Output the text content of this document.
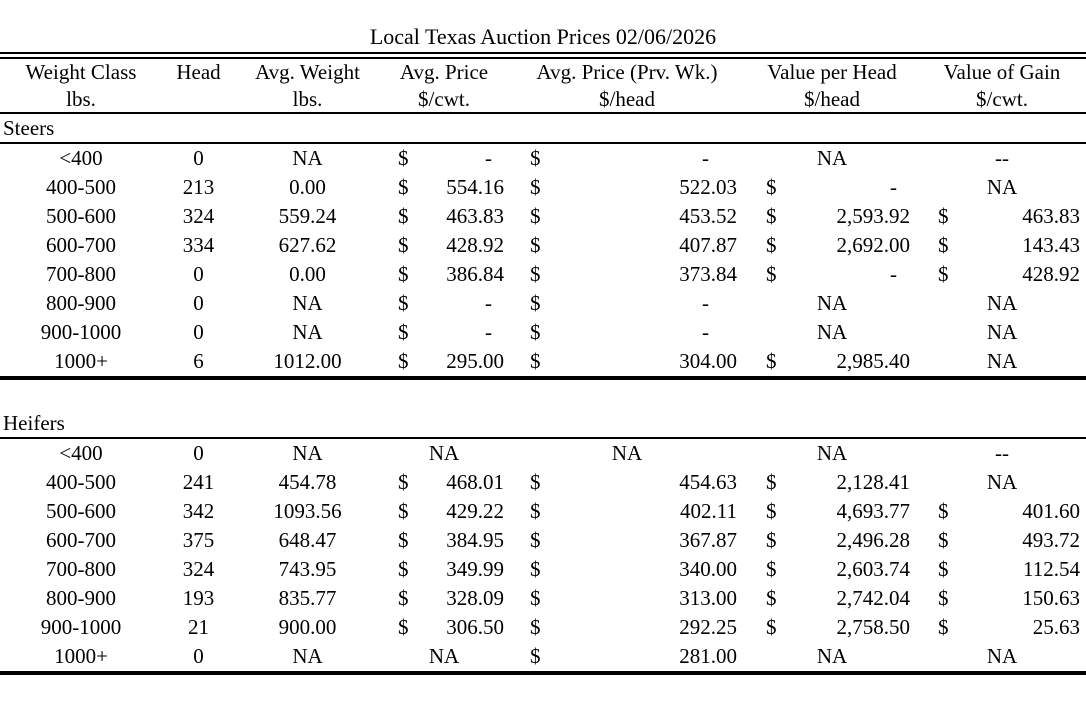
Local Texas Auction Prices 02/06/2026
Weight Class	Head	Avg. Weight	Avg. Price	Avg. Price (Prv. Wk.)	Value per Head	Value of Gain
lbs.		lbs.	$/cwt.	$/head	$/head	$/cwt.
Steers						
<400	0	NA	$ -	$ -	NA	--
400-500	213	0.00	$ 554.16	$ 522.03	$ -	NA
500-600	324	559.24	$ 463.83	$ 453.52	$ 2,593.92	$ 463.83

600-700	334	627.62	$ 428.92	$ 407.87	$ 2,692.00	$ 143.43

700-800	0	0.00	$ 386.84	$ 373.84	$ -	$ 428.92

800-900	0	NA	$ -	$ -	NA	NA
900-1000	0	NA	$ -	$ -	NA	NA
1000+	6	1012.00	$ 295.00	$ 304.00	$ 2,985.40	NA

Heifers						
<400	0	NA	NA	NA	NA	--
400-500	241	454.78	$ 468.01	$ 454.63	$ 2,128.41	NA
500-600	342	1093.56	$ 429.22	$ 402.11	$ 4,693.77	$ 401.60

600-700	375	648.47	$ 384.95	$ 367.87	$ 2,496.28	$ 493.72

700-800	324	743.95	$ 349.99	$ 340.00	$ 2,603.74	$ 112.54

800-900	193	835.77	$ 328.09	$ 313.00	$ 2,742.04	$ 150.63

900-1000	21	900.00	$ 306.50	$ 292.25	$ 2,758.50	$ 25.63

1000+	0	NA	NA	$ 281.00	NA	NA
